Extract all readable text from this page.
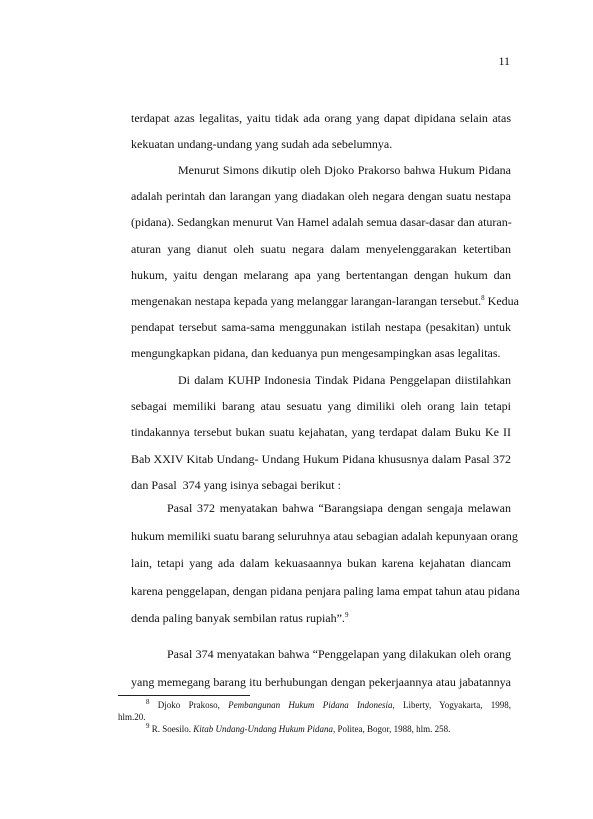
11
terdapat azas legalitas, yaitu tidak ada orang yang dapat dipidana selain atas
kekuatan undang-undang yang sudah ada sebelumnya.
Menurut Simons dikutip oleh Djoko Prakorso bahwa Hukum Pidana
adalah perintah dan larangan yang diadakan oleh negara dengan suatu nestapa
(pidana). Sedangkan menurut Van Hamel adalah semua dasar-dasar dan aturan-
aturan yang dianut oleh suatu negara dalam menyelenggarakan ketertiban
hukum, yaitu dengan melarang apa yang bertentangan dengan hukum dan
mengenakan nestapa kepada yang melanggar larangan-larangan tersebut.$^8$ Kedua
pendapat tersebut sama-sama menggunakan istilah nestapa (pesakitan) untuk
mengungkapkan pidana, dan keduanya pun mengesampingkan asas legalitas.
Di dalam KUHP Indonesia Tindak Pidana Penggelapan diistilahkan
sebagai memiliki barang atau sesuatu yang dimiliki oleh orang lain tetapi
tindakannya tersebut bukan suatu kejahatan, yang terdapat dalam Buku Ke II
Bab XXIV Kitab Undang- Undang Hukum Pidana khususnya dalam Pasal 372
dan Pasal  374 yang isinya sebagai berikut :
Pasal 372 menyatakan bahwa “Barangsiapa dengan sengaja melawan
hukum memiliki suatu barang seluruhnya atau sebagian adalah kepunyaan orang
lain, tetapi yang ada dalam kekuasaannya bukan karena kejahatan diancam
karena penggelapan, dengan pidana penjara paling lama empat tahun atau pidana
denda paling banyak sembilan ratus rupiah”.$^9$
Pasal 374 menyatakan bahwa “Penggelapan yang dilakukan oleh orang
yang memegang barang itu berhubungan dengan pekerjaannya atau jabatannya
$^8$ Djoko Prakoso, Pembangunan Hukum Pidana Indonesia, Liberty, Yogyakarta, 1998,
hlm.20.
$^9$ R. Soesilo. Kitab Undang-Undang Hukum Pidana, Politea, Bogor, 1988, hlm. 258.
